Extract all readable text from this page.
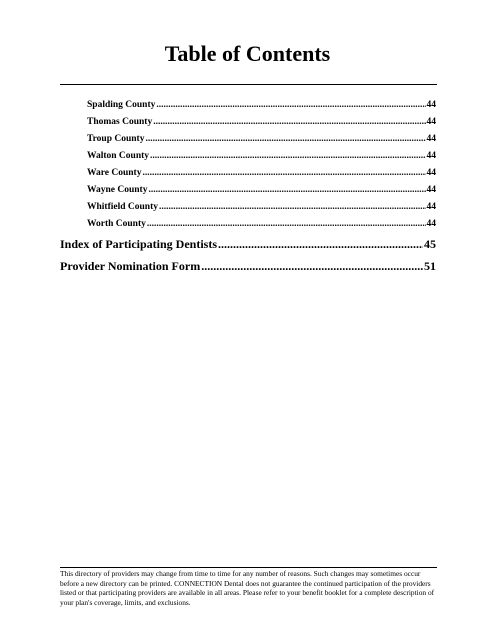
Table of Contents
Spalding County .....	44
Thomas County .....	44
Troup County .....	44
Walton County .....	44
Ware County .....	44
Wayne County .....	44
Whitfield County .....	44
Worth County .....	44
Index of Participating Dentists .....	45
Provider Nomination Form .....	51
This directory of providers may change from time to time for any number of reasons. Such changes may sometimes occur before a new directory can be printed. CONNECTION Dental does not guarantee the continued participation of the providers listed or that participating providers are available in all areas. Please refer to your benefit booklet for a complete description of your plan's coverage, limits, and exclusions.
